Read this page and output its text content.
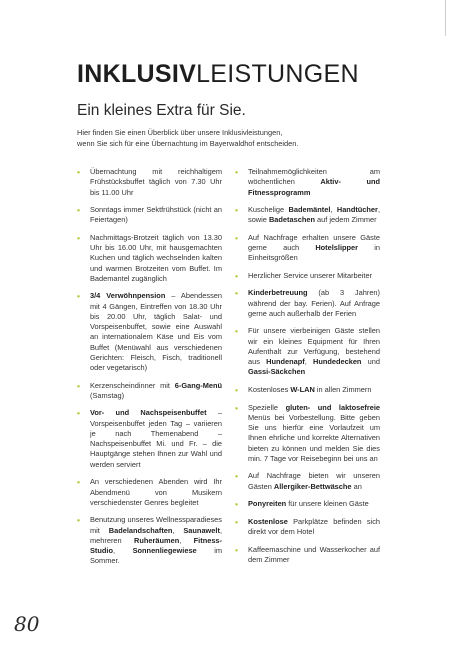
INKLUSIVLEISTUNGEN
Ein kleines Extra für Sie.

Hier finden Sie einen Überblick über unsere Inklusivleistungen,
wenn Sie sich für eine Übernachtung im Bayerwaldhof entscheiden.

• Übernachtung mit reichhaltigem Frühstücksbuffet täglich von 7.30 Uhr bis 11.00 Uhr
• Sonntags immer Sektfrühstück (nicht an Feiertagen)
• Nachmittags-Brotzeit täglich von 13.30 Uhr bis 16.00 Uhr, mit hausgemachten Kuchen und täglich wechselnden kalten und warmen Brotzeiten vom Buffet. Im Bademantel zugänglich
• 3/4 Verwöhnpension – Abendessen mit 4 Gängen, Eintreffen von 18.30 Uhr bis 20.00 Uhr, täglich Salat- und Vorspeisenbuffet, sowie eine Auswahl an internationalem Käse und Eis vom Buffet (Menüwahl aus verschiedenen Gerichten: Fleisch, Fisch, traditionell oder vegetarisch)
• Kerzenscheindinner mit 6-Gang-Menü (Samstag)
• Vor- und Nachspeisenbuffet – Vorspeisenbuffet jeden Tag – variieren je nach Themenabend – Nachspeisenbuffet Mi. und Fr. – die Hauptgänge stehen Ihnen zur Wahl und werden serviert
• An verschiedenen Abenden wird Ihr Abendmenü von Musikern verschiedenster Genres begleitet
• Benutzung unseres Wellnessparadieses mit Badelandschaften, Saunawelt, mehreren Ruheräumen, Fitness-Studio, Sonnenliegewiese im Sommer.
• Teilnahmemöglichkeiten am wöchentlichen Aktiv- und Fitnessprogramm
• Kuschelige Bademäntel, Handtücher, sowie Badetaschen auf jedem Zimmer
• Auf Nachfrage erhalten unsere Gäste gerne auch Hotelslipper in Einheitsgrößen
• Herzlicher Service unserer Mitarbeiter
• Kinderbetreuung (ab 3 Jahren) während der bay. Ferien). Auf Anfrage gerne auch außerhalb der Ferien
• Für unsere vierbeinigen Gäste stellen wir ein kleines Equipment für Ihren Aufenthalt zur Verfügung, bestehend aus Hundenapf, Hundedecken und Gassi-Säckchen
• Kostenloses W-LAN in allen Zimmern
• Spezielle gluten- und laktosefreie Menüs bei Vorbestellung. Bitte geben Sie uns hierfür eine Vorlaufzeit um Ihnen ehrliche und korrekte Alternativen bieten zu können und melden Sie dies min. 7 Tage vor Reisebeginn bei uns an
• Auf Nachfrage bieten wir unseren Gästen Allergiker-Bettwäsche an
• Ponyreiten für unsere kleinen Gäste
• Kostenlose Parkplätze befinden sich direkt vor dem Hotel
• Kaffeemaschine und Wasserkocher auf dem Zimmer
80
